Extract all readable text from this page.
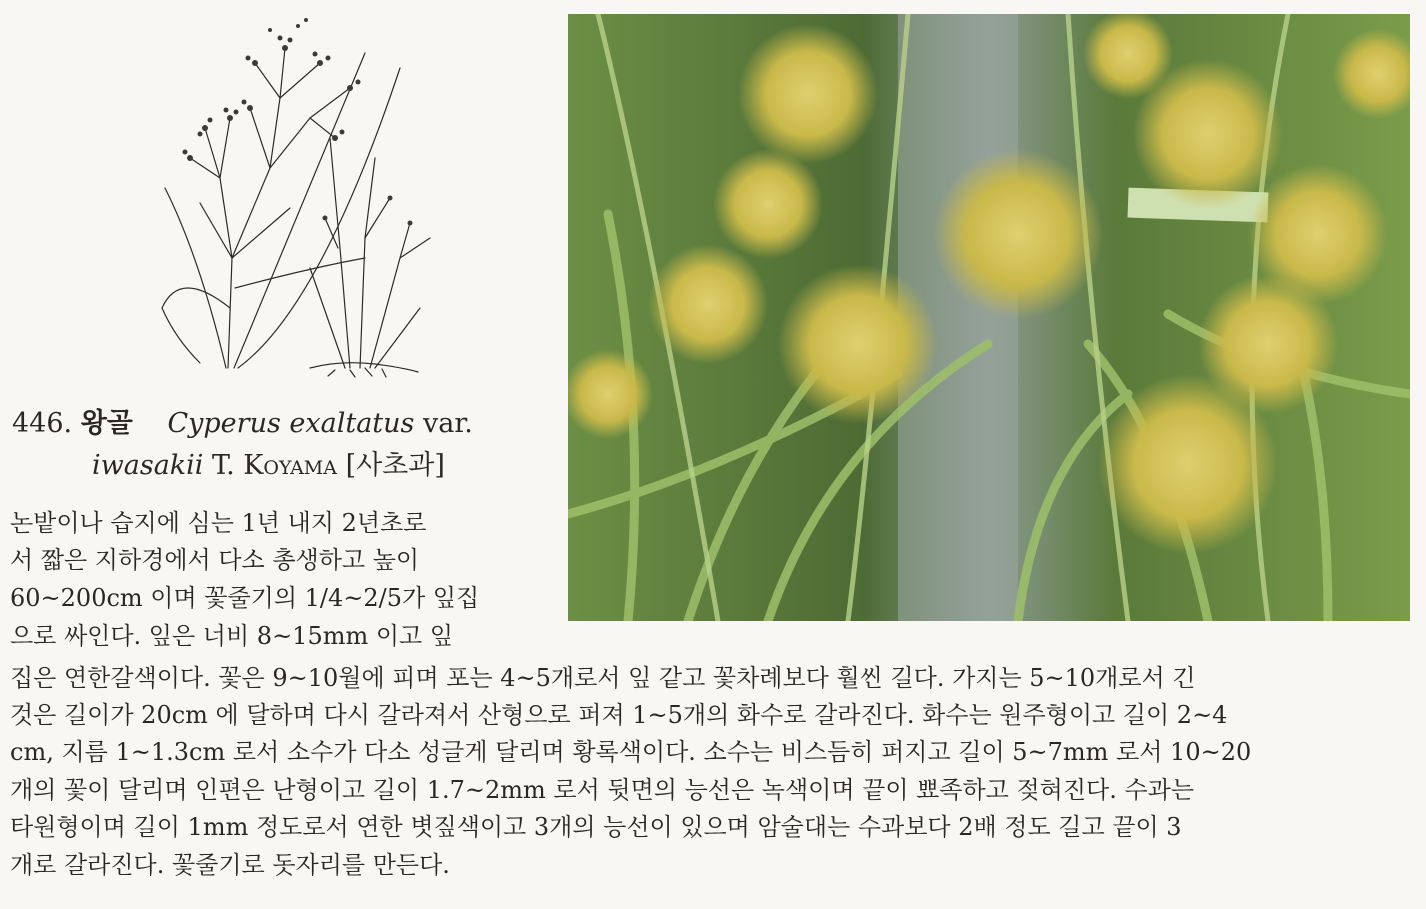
446. 왕골 Cyperus exaltatus var.
iwasakii T. Koyama [사초과]
논밭이나 습지에 심는 1년 내지 2년초로
서 짧은 지하경에서 다소 총생하고 높이
60~200cm 이며 꽃줄기의 1/4~2/5가 잎집
으로 싸인다. 잎은 너비 8~15mm 이고 잎
집은 연한갈색이다. 꽃은 9~10월에 피며 포는 4~5개로서 잎 같고 꽃차례보다 훨씬 길다. 가지는 5~10개로서 긴
것은 길이가 20cm 에 달하며 다시 갈라져서 산형으로 퍼져 1~5개의 화수로 갈라진다. 화수는 원주형이고 길이 2~4
cm, 지름 1~1.3cm 로서 소수가 다소 성글게 달리며 황록색이다. 소수는 비스듬히 퍼지고 길이 5~7mm 로서 10~20
개의 꽃이 달리며 인편은 난형이고 길이 1.7~2mm 로서 뒷면의 능선은 녹색이며 끝이 뾰족하고 젖혀진다. 수과는
타원형이며 길이 1mm 정도로서 연한 볏짚색이고 3개의 능선이 있으며 암술대는 수과보다 2배 정도 길고 끝이 3
개로 갈라진다. 꽃줄기로 돗자리를 만든다.
